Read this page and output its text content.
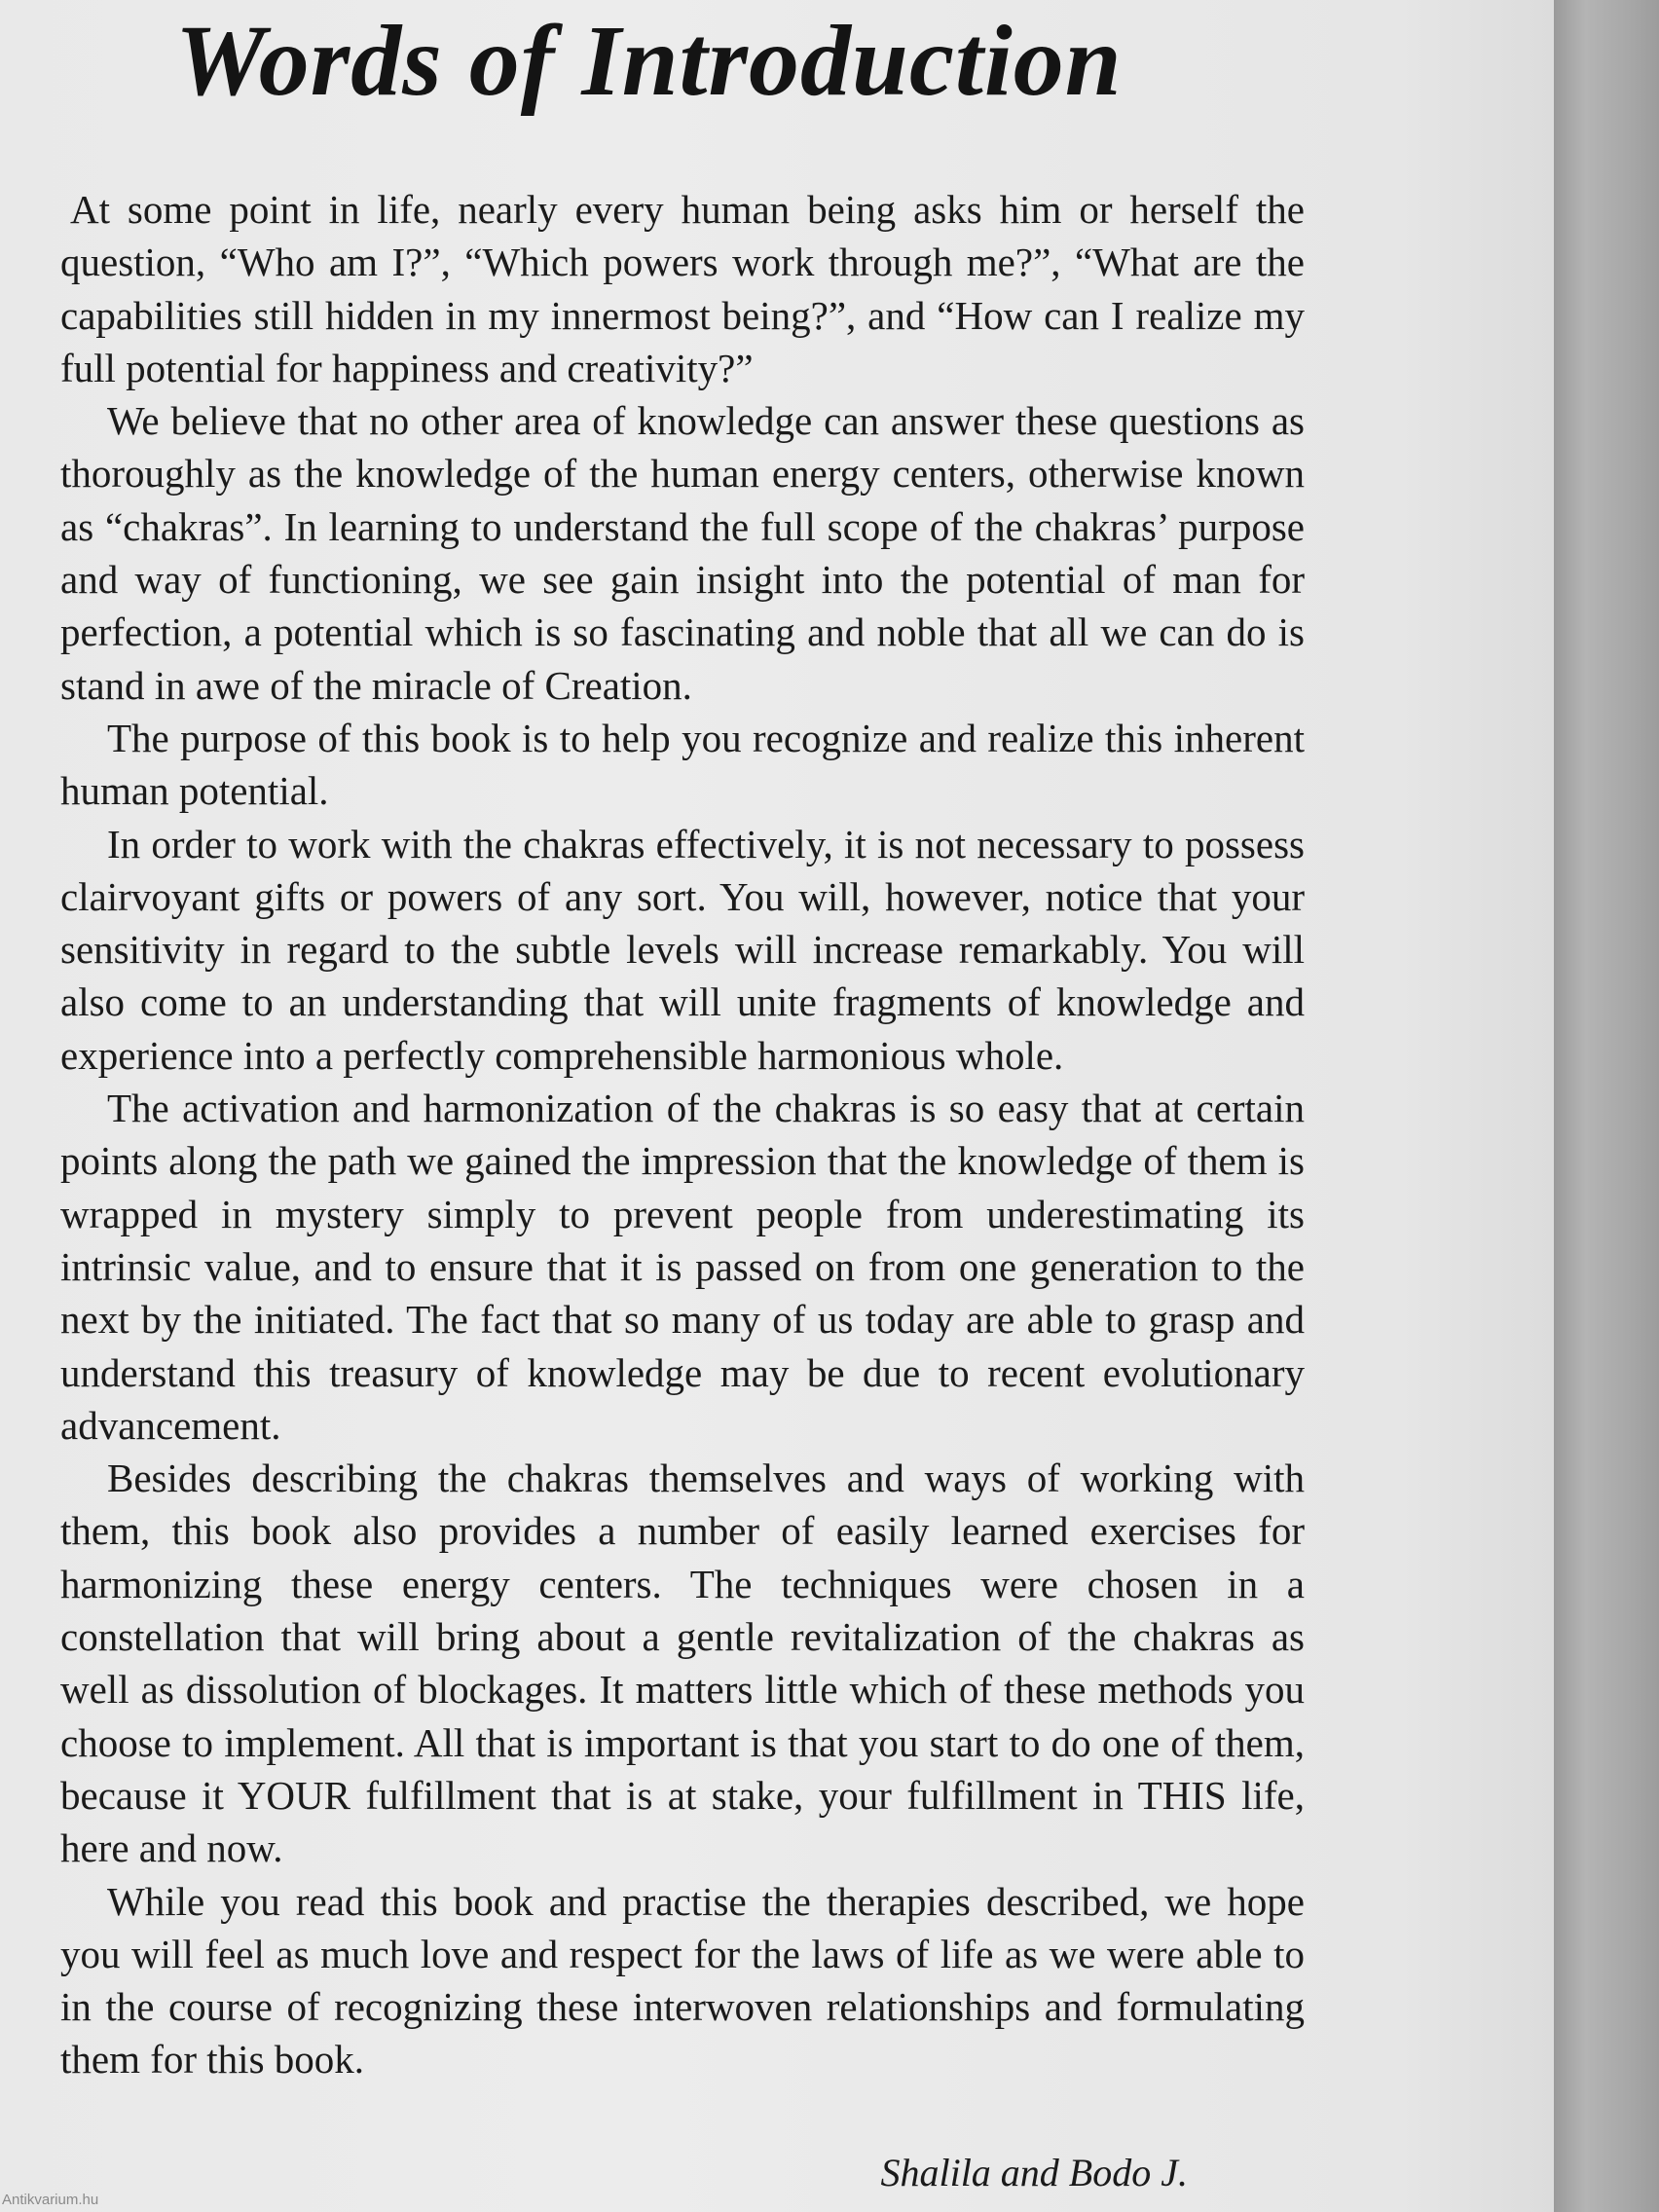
Words of Introduction

At some point in life, nearly every human being asks him or herself the question, “Who am I?”, “Which powers work through me?”, “What are the capabilities still hidden in my innermost being?”, and “How can I realize my full potential for happiness and creativity?”

We believe that no other area of knowledge can answer these questions as thoroughly as the knowledge of the human energy centers, otherwise known as “chakras”. In learning to understand the full scope of the chakras’ purpose and way of functioning, we see gain insight into the potential of man for perfection, a potential which is so fascinating and noble that all we can do is stand in awe of the miracle of Creation.

The purpose of this book is to help you recognize and realize this inherent human potential.

In order to work with the chakras effectively, it is not necessary to possess clairvoyant gifts or powers of any sort. You will, however, notice that your sensitivity in regard to the subtle levels will increase remarkably. You will also come to an understanding that will unite fragments of knowledge and experience into a perfectly comprehensible harmonious whole.

The activation and harmonization of the chakras is so easy that at certain points along the path we gained the impression that the knowledge of them is wrapped in mystery simply to prevent people from underestimating its intrinsic value, and to ensure that it is passed on from one generation to the next by the initiated. The fact that so many of us today are able to grasp and understand this treasury of knowledge may be due to recent evolutionary advancement.

Besides describing the chakras themselves and ways of working with them, this book also provides a number of easily learned exercises for harmonizing these energy centers. The techniques were chosen in a constellation that will bring about a gentle revitalization of the chakras as well as dissolution of blockages. It matters little which of these methods you choose to implement. All that is important is that you start to do one of them, because it YOUR fulfillment that is at stake, your fulfillment in THIS life, here and now.

While you read this book and practise the therapies described, we hope you will feel as much love and respect for the laws of life as we were able to in the course of recognizing these interwoven relationships and formulating them for this book.

Shalila and Bodo J.
Antikvarium.hu
